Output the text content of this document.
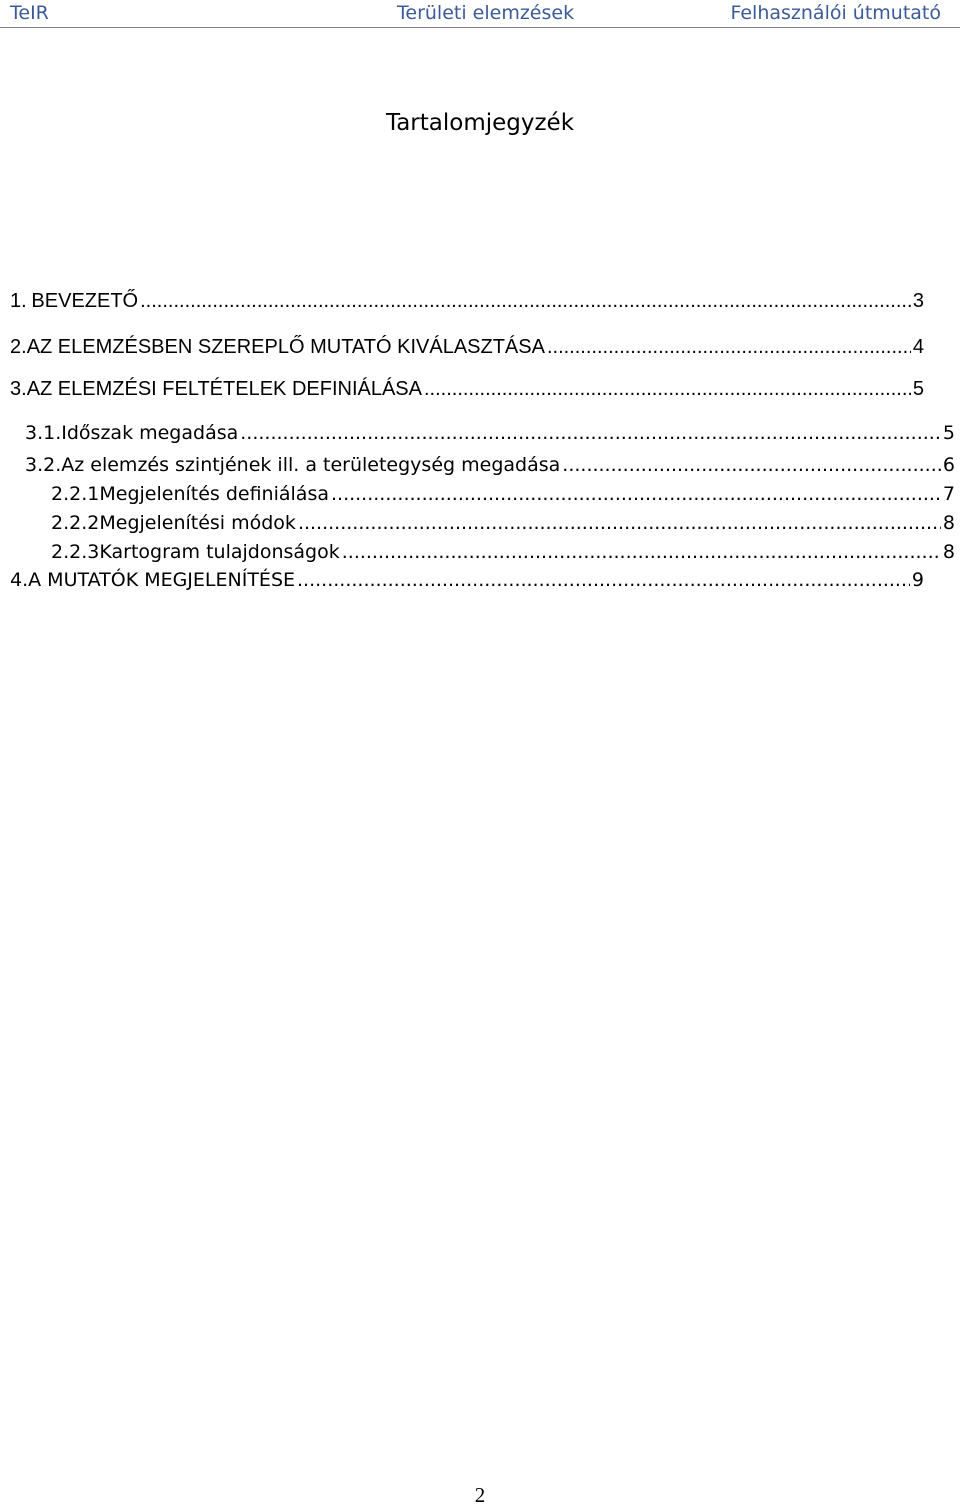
TeIR	Területi elemzések	Felhasználói útmutató
Tartalomjegyzék
1. BEVEZETŐ .....	3
2. AZ ELEMZÉSBEN SZEREPLŐ MUTATÓ KIVÁLASZTÁSA .....	4
3. AZ ELEMZÉSI FELTÉTELEK DEFINIÁLÁSA .....	5
3.1. Időszak megadása .....	5
3.2. Az elemzés szintjének ill. a területegység megadása .....	6
2.2.1 Megjelenítés definiálása .....	7
2.2.2 Megjelenítési módok .....	8
2.2.3 Kartogram tulajdonságok .....	8
4. A MUTATÓK MEGJELENÍTÉSE .....	9
2
